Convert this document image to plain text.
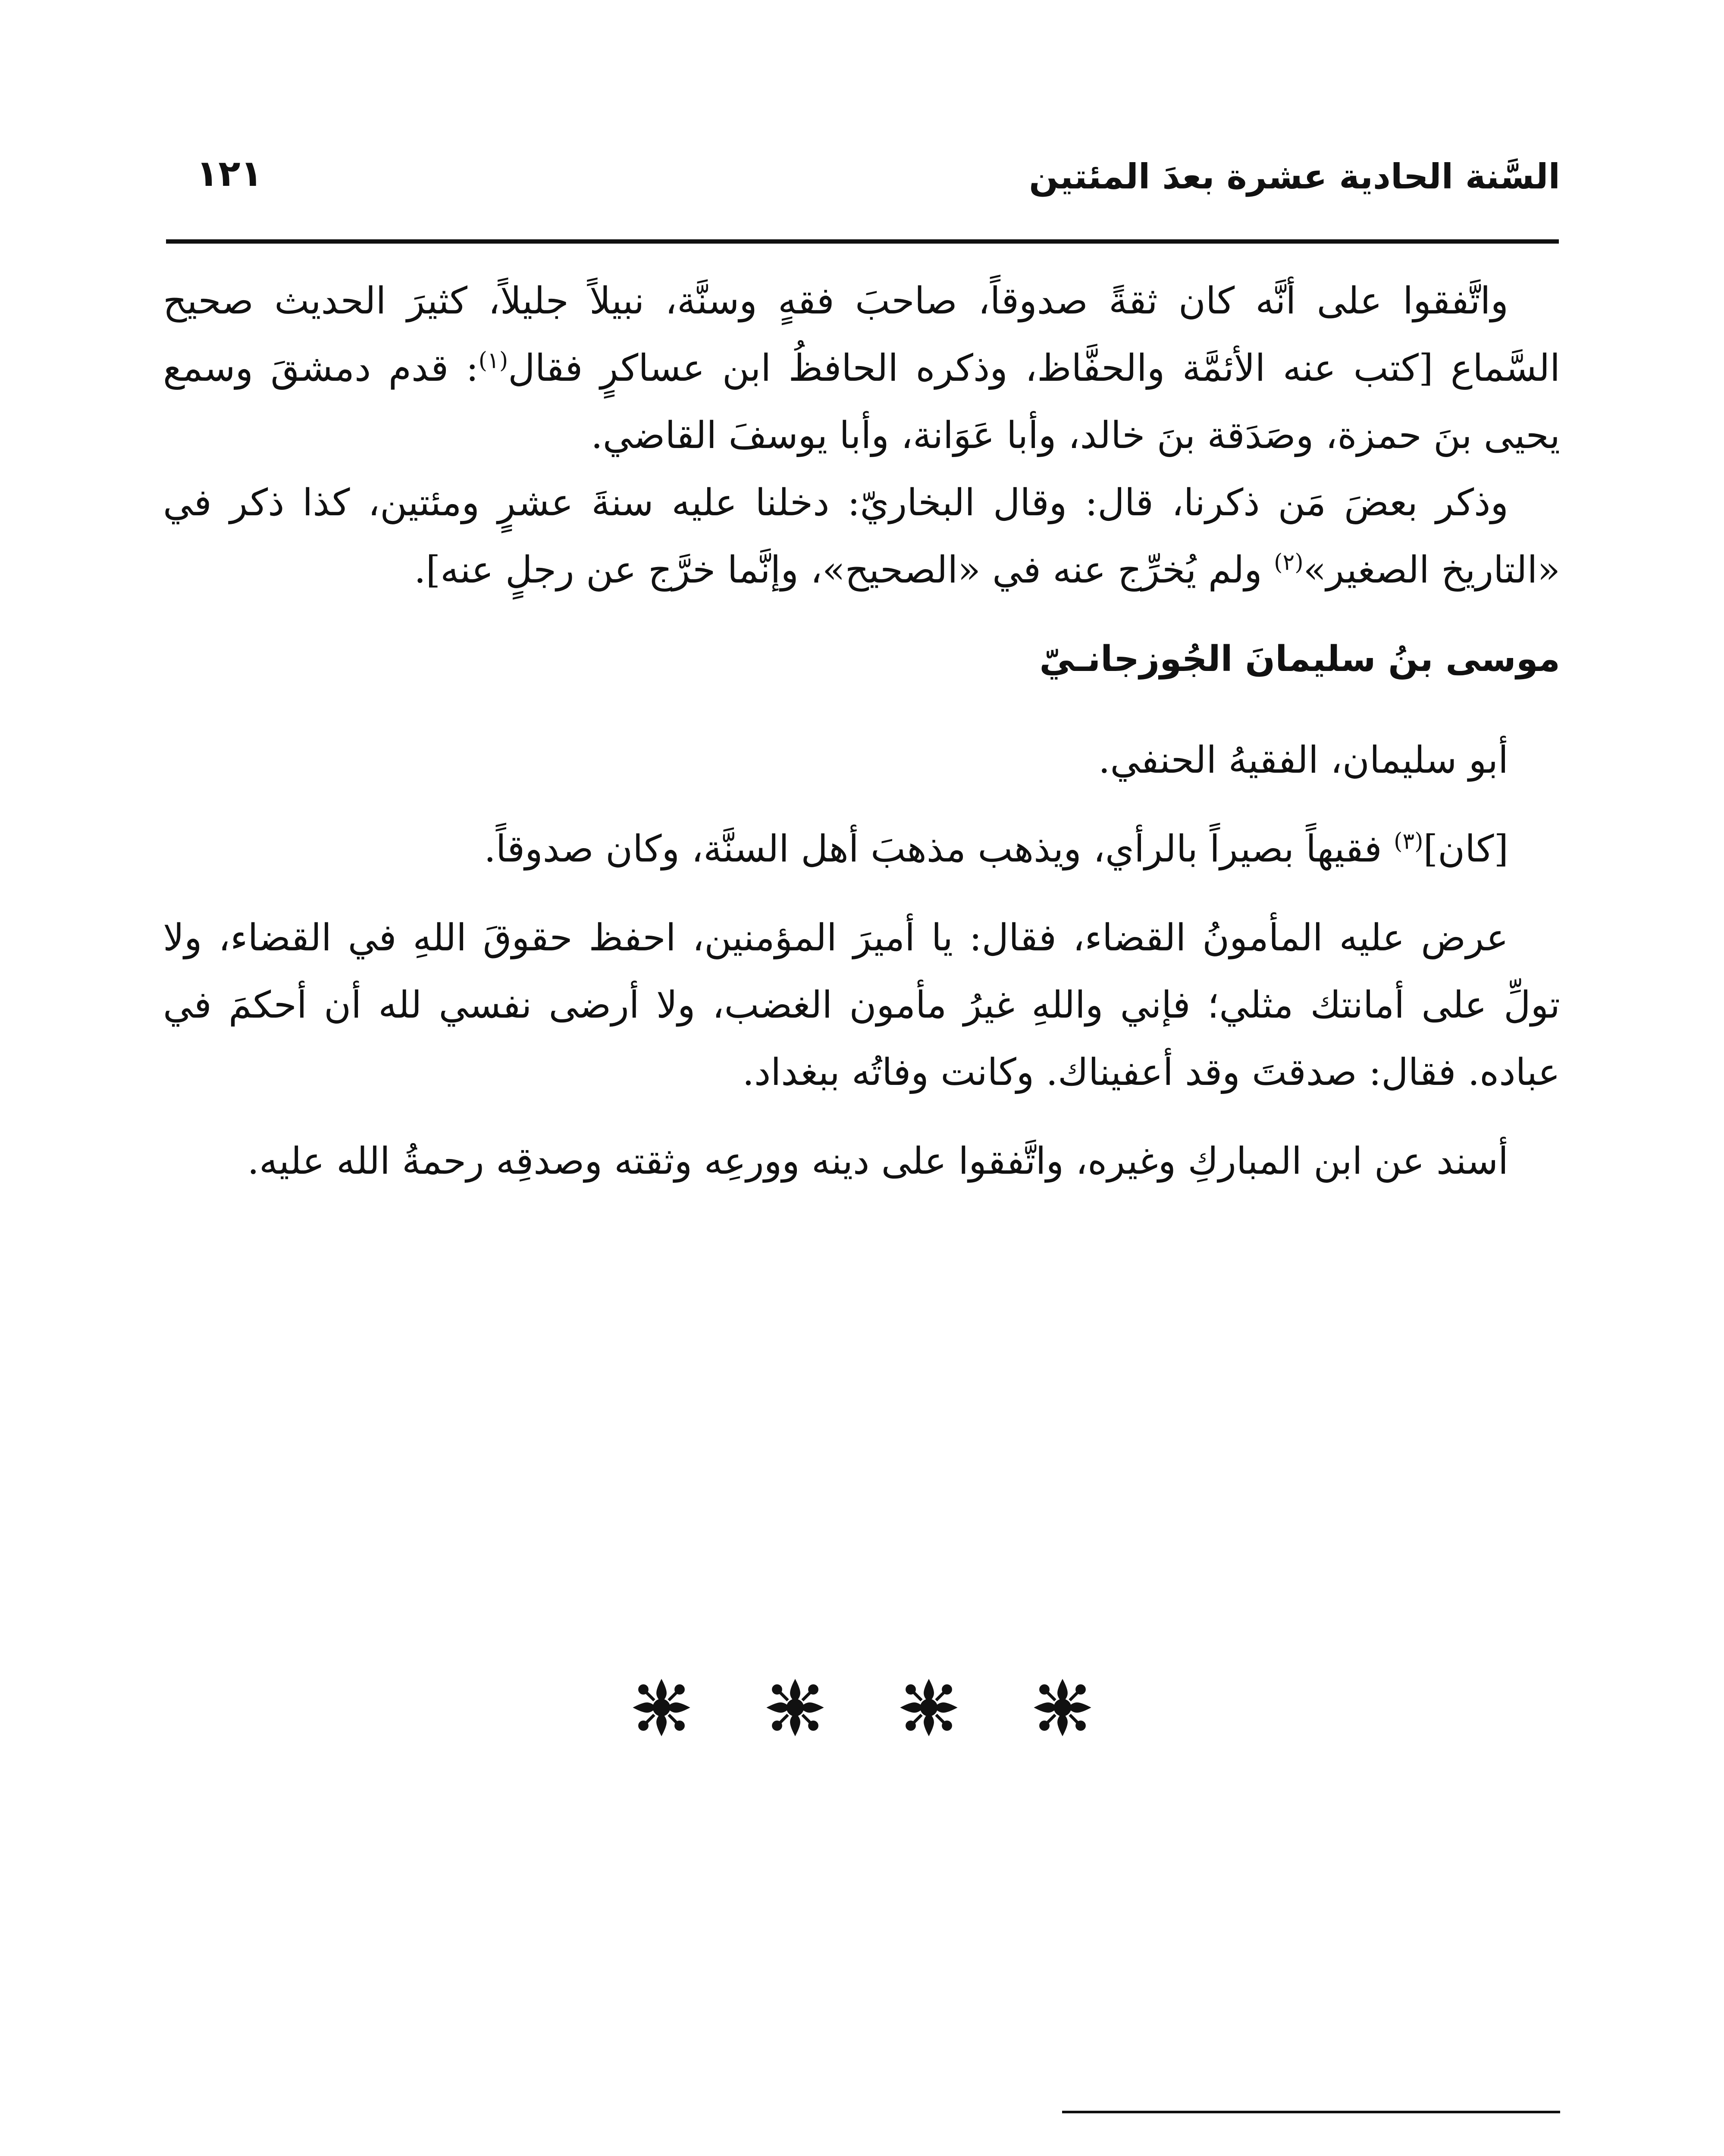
السَّنة الحادية عشرة بعدَ المئتين
١٢١

واتَّفقوا على أنَّه كان ثقةً صدوقاً، صاحبَ فقهٍ وسنَّة، نبيلاً جليلاً، كثيرَ الحديث صحيح السَّماع [كتب عنه الأئمَّة والحفَّاظ، وذكره الحافظُ ابن عساكرٍ فقال$^{(١)}$: قدم دمشقَ وسمع يحيى بنَ حمزة، وصَدَقة بنَ خالد، وأبا عَوَانة، وأبا يوسفَ القاضي.

وذكر بعضَ مَن ذكرنا، قال: وقال البخاريّ: دخلنا عليه سنةَ عشرٍ ومئتين، كذا ذكر في «التاريخ الصغير»$^{(٢)}$ ولم يُخرِّج عنه في «الصحيح»، وإنَّما خرَّج عن رجلٍ عنه].

موسى بنُ سليمانَ الجُوزجانـيّ

أبو سليمان، الفقيهُ الحنفي.

[كان]$^{(٣)}$ فقيهاً بصيراً بالرأي، ويذهب مذهبَ أهل السنَّة، وكان صدوقاً.

عرض عليه المأمونُ القضاء، فقال: يا أميرَ المؤمنين، احفظ حقوقَ اللهِ في القضاء، ولا تولِّ على أمانتك مثلي؛ فإني واللهِ غيرُ مأمون الغضب، ولا أرضى نفسي لله أن أحكمَ في عباده. فقال: صدقتَ وقد أعفيناك. وكانت وفاتُه ببغداد.

أسند عن ابن المباركِ وغيره، واتَّفقوا على دينه وورعِه وثقته وصدقِه رحمةُ الله عليه.
